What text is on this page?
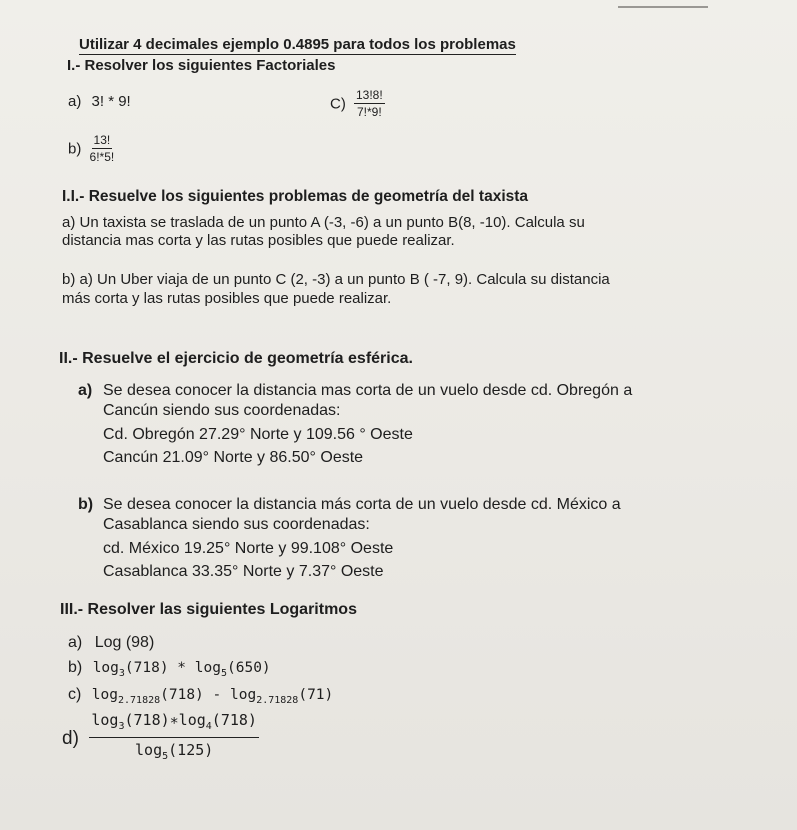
Utilizar 4 decimales ejemplo 0.4895 para todos los problemas
I.- Resolver los siguientes Factoriales
a) 3! * 9!	$C) \frac{13!8!}{7!*9!}$
$b) \frac{13!}{6!*5!}$
I.I.- Resuelve los siguientes problemas de geometría del taxista
a) Un taxista se traslada de un punto A (-3, -6) a un punto B(8, -10). Calcula su
distancia mas corta y las rutas posibles que puede realizar.
b) a) Un Uber viaja de un punto C (2, -3) a un punto B ( -7, 9). Calcula su distancia
más corta y las rutas posibles que puede realizar.
II.- Resuelve el ejercicio de geometría esférica.
a) Se desea conocer la distancia mas corta de un vuelo desde cd. Obregón a
Cancún siendo sus coordenadas:
Cd. Obregón 27.29° Norte y 109.56 ° Oeste
Cancún 21.09° Norte y 86.50° Oeste
b) Se desea conocer la distancia más corta de un vuelo desde cd. México a
Casablanca siendo sus coordenadas:
cd. México 19.25° Norte y 99.108° Oeste
Casablanca 33.35° Norte y 7.37° Oeste
III.- Resolver las siguientes Logaritmos
a) Log (98)
b) $\log_3(718) * \log_5(650)$
c) $\log_{2.71828}(718) - \log_{2.71828}(71)$
$d) \frac{\log_3(718)∗\log_4(718)}{\log_5(125)}$
